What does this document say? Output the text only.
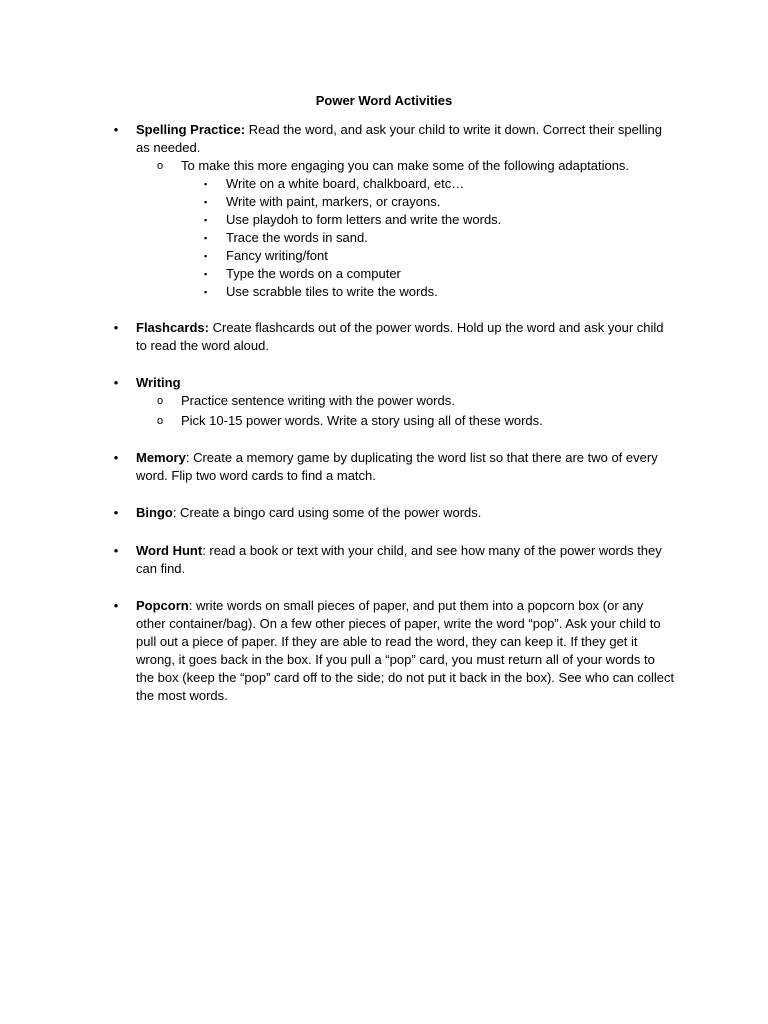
Power Word Activities
• Spelling Practice: Read the word, and ask your child to write it down. Correct their spelling as needed.
o To make this more engaging you can make some of the following adaptations.
▪ Write on a white board, chalkboard, etc…
▪ Write with paint, markers, or crayons.
▪ Use playdoh to form letters and write the words.
▪ Trace the words in sand.
▪ Fancy writing/font
▪ Type the words on a computer
▪ Use scrabble tiles to write the words.
• Flashcards: Create flashcards out of the power words. Hold up the word and ask your child to read the word aloud.
• Writing
o Practice sentence writing with the power words.
o Pick 10-15 power words. Write a story using all of these words.
• Memory: Create a memory game by duplicating the word list so that there are two of every word. Flip two word cards to find a match.
• Bingo: Create a bingo card using some of the power words.
• Word Hunt: read a book or text with your child, and see how many of the power words they can find.
• Popcorn: write words on small pieces of paper, and put them into a popcorn box (or any other container/bag). On a few other pieces of paper, write the word “pop”. Ask your child to pull out a piece of paper. If they are able to read the word, they can keep it. If they get it wrong, it goes back in the box. If you pull a “pop” card, you must return all of your words to the box (keep the “pop” card off to the side; do not put it back in the box). See who can collect the most words.
